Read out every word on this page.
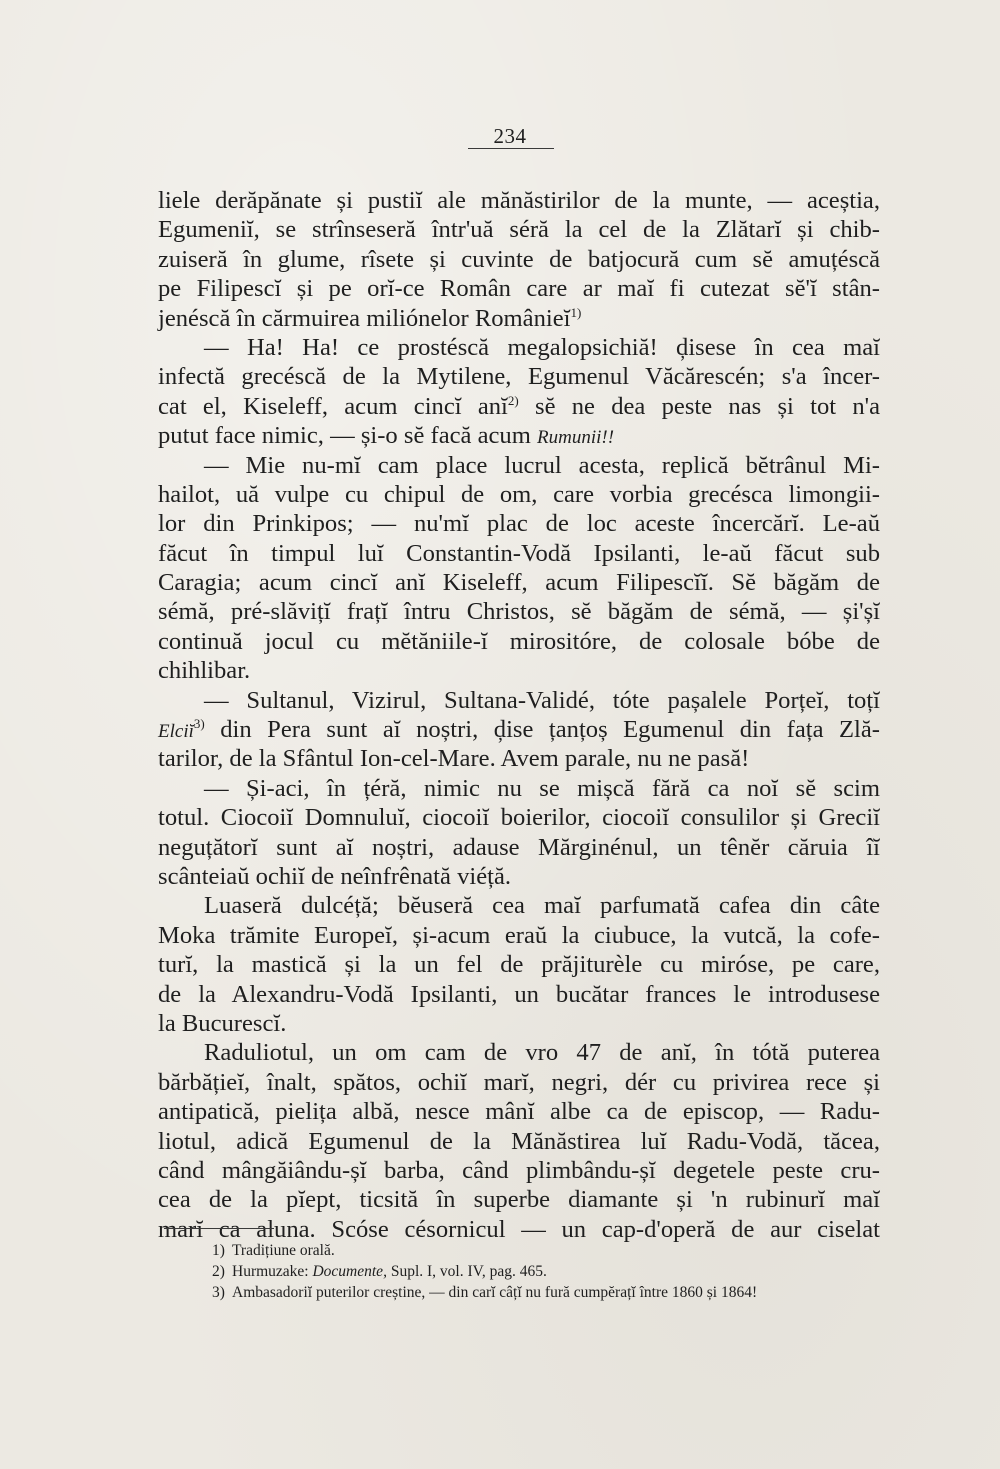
234
liele derăpănate și pustiĭ ale mănăstirilor de la munte, — aceștia,
Egumeniĭ, se strînseseră într'uă séră la cel de la Zlătarĭ și chib-
zuiseră în glume, rîsete și cuvinte de batjocură cum sĕ amuțéscă
pe Filipescĭ și pe orĭ-ce Român care ar maĭ fi cutezat sĕ'ĭ stân-
jenéscă în cărmuirea miliónelor Românieĭ$^{1)}$
— Ha! Ha! ce prostéscă megalopsichiă! ḑisese în cea maĭ
infectă grecéscă de la Mytilene, Egumenul Văcărescén; s'a încer-
cat el, Kiseleff, acum cincĭ anĭ$^{2)}$ sĕ ne dea peste nas și tot n'a
putut face nimic, — și-o sĕ facă acum Rumunii!!
— Mie nu-mĭ cam place lucrul acesta, replică bĕtrânul Mi-
hailot, uă vulpe cu chipul de om, care vorbia grecésca limongii-
lor din Prinkipos; — nu'mĭ plac de loc aceste încercărĭ. Le-aŭ
făcut în timpul luĭ Constantin-Vodă Ipsilanti, le-aŭ făcut sub
Caragia; acum cincĭ anĭ Kiseleff, acum Filipescĭĭ. Sĕ băgăm de
sémă, pré-slăvițĭ frațĭ întru Christos, sĕ băgăm de sémă, — și'șĭ
continuă jocul cu mĕtăniile-ĭ mirositóre, de colosale bóbe de
chihlibar.
— Sultanul, Vizirul, Sultana-Validé, tóte pașalele Porțeĭ, toțĭ
Elciĭ$^{3)}$ din Pera sunt aĭ noștri, ḑise țanțoș Egumenul din fața Zlă-
tarilor, de la Sfântul Ion-cel-Mare. Avem parale, nu ne pasă!
— Și-aci, în țéră, nimic nu se mișcă fără ca noĭ sĕ scim
totul. Ciocoiĭ Domnuluĭ, ciocoiĭ boierilor, ciocoiĭ consulilor și Greciĭ
neguțătorĭ sunt aĭ noștri, adause Mărginénul, un tênĕr căruia îĭ
scânteiaŭ ochiĭ de neînfrênată viéță.
Luaseră dulcéță; bĕuseră cea maĭ parfumată cafea din câte
Moka trămite Europeĭ, și-acum eraŭ la ciubuce, la vutcă, la cofe-
turĭ, la mastică și la un fel de prăjiturèle cu miróse, pe care,
de la Alexandru-Vodă Ipsilanti, un bucătar frances le introdusese
la Bucurescĭ.
Raduliotul, un om cam de vro 47 de anĭ, în tótă puterea
bărbățieĭ, înalt, spătos, ochiĭ marĭ, negri, dér cu privirea rece și
antipatică, pielița albă, nesce mânĭ albe ca de episcop, — Radu-
liotul, adică Egumenul de la Mănăstirea luĭ Radu-Vodă, tăcea,
când mângăiându-șĭ barba, când plimbându-șĭ degetele peste cru-
cea de la pĭept, ticsită în superbe diamante și 'n rubinurĭ maĭ
marĭ ca aluna. Scóse césornicul — un cap-d'operă de aur ciselat
1) Tradițiune orală.
2) Hurmuzake: Documente, Supl. I, vol. IV, pag. 465.
3) Ambasadoriĭ puterilor creștine, — din carĭ câțĭ nu fură cumpĕrațĭ între 1860 și 1864!
